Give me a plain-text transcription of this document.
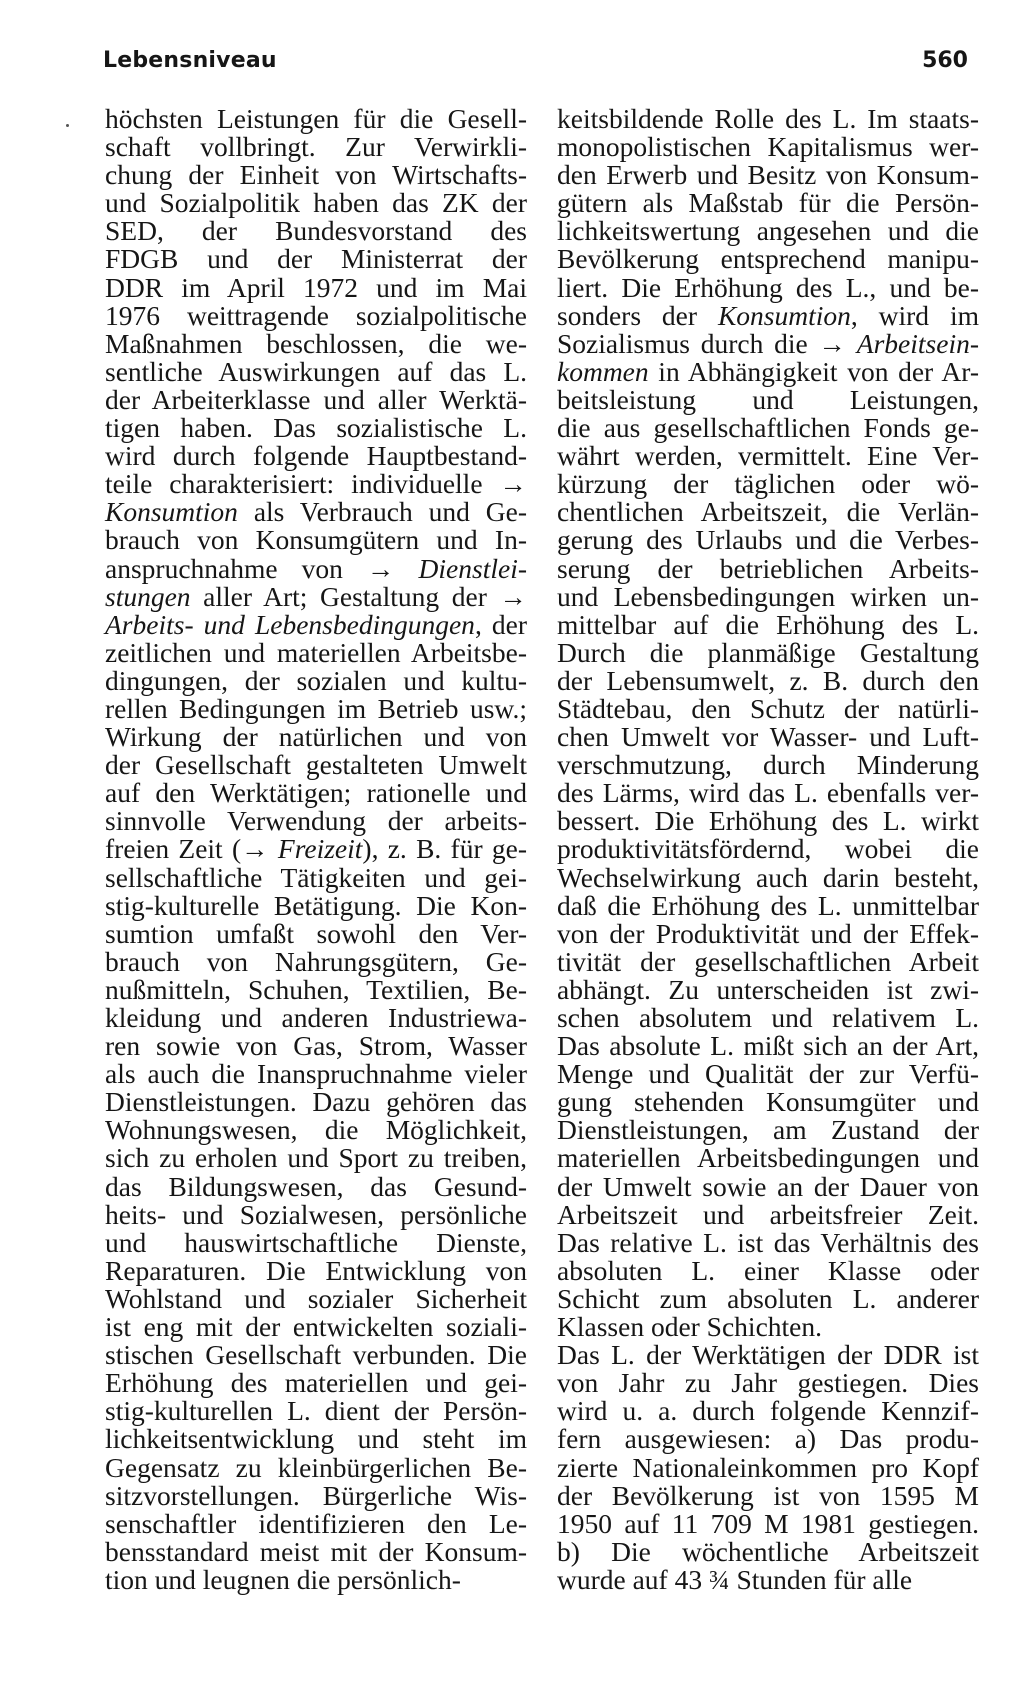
Lebensniveau	560
höchsten Leistungen für die Gesell-
schaft vollbringt. Zur Verwirkli-
chung der Einheit von Wirtschafts-
und Sozialpolitik haben das ZK der
SED, der Bundesvorstand des
FDGB und der Ministerrat der
DDR im April 1972 und im Mai
1976 weittragende sozialpolitische
Maßnahmen beschlossen, die we-
sentliche Auswirkungen auf das L.
der Arbeiterklasse und aller Werktä-
tigen haben. Das sozialistische L.
wird durch folgende Hauptbestand-
teile charakterisiert: individuelle →
Konsumtion als Verbrauch und Ge-
brauch von Konsumgütern und In-
anspruchnahme von → Dienstlei-
stungen aller Art; Gestaltung der →
Arbeits- und Lebensbedingungen, der
zeitlichen und materiellen Arbeitsbe-
dingungen, der sozialen und kultu-
rellen Bedingungen im Betrieb usw.;
Wirkung der natürlichen und von
der Gesellschaft gestalteten Umwelt
auf den Werktätigen; rationelle und
sinnvolle Verwendung der arbeits-
freien Zeit (→ Freizeit), z. B. für ge-
sellschaftliche Tätigkeiten und gei-
stig-kulturelle Betätigung. Die Kon-
sumtion umfaßt sowohl den Ver-
brauch von Nahrungsgütern, Ge-
nußmitteln, Schuhen, Textilien, Be-
kleidung und anderen Industriewa-
ren sowie von Gas, Strom, Wasser
als auch die Inanspruchnahme vieler
Dienstleistungen. Dazu gehören das
Wohnungswesen, die Möglichkeit,
sich zu erholen und Sport zu treiben,
das Bildungswesen, das Gesund-
heits- und Sozialwesen, persönliche
und hauswirtschaftliche Dienste,
Reparaturen. Die Entwicklung von
Wohlstand und sozialer Sicherheit
ist eng mit der entwickelten soziali-
stischen Gesellschaft verbunden. Die
Erhöhung des materiellen und gei-
stig-kulturellen L. dient der Persön-
lichkeitsentwicklung und steht im
Gegensatz zu kleinbürgerlichen Be-
sitzvorstellungen. Bürgerliche Wis-
senschaftler identifizieren den Le-
bensstandard meist mit der Konsum-
tion und leugnen die persönlich-
keitsbildende Rolle des L. Im staats-
monopolistischen Kapitalismus wer-
den Erwerb und Besitz von Konsum-
gütern als Maßstab für die Persön-
lichkeitswertung angesehen und die
Bevölkerung entsprechend manipu-
liert. Die Erhöhung des L., und be-
sonders der Konsumtion, wird im
Sozialismus durch die → Arbeitsein-
kommen in Abhängigkeit von der Ar-
beitsleistung und Leistungen,
die aus gesellschaftlichen Fonds ge-
währt werden, vermittelt. Eine Ver-
kürzung der täglichen oder wö-
chentlichen Arbeitszeit, die Verlän-
gerung des Urlaubs und die Verbes-
serung der betrieblichen Arbeits-
und Lebensbedingungen wirken un-
mittelbar auf die Erhöhung des L.
Durch die planmäßige Gestaltung
der Lebensumwelt, z. B. durch den
Städtebau, den Schutz der natürli-
chen Umwelt vor Wasser- und Luft-
verschmutzung, durch Minderung
des Lärms, wird das L. ebenfalls ver-
bessert. Die Erhöhung des L. wirkt
produktivitätsfördernd, wobei die
Wechselwirkung auch darin besteht,
daß die Erhöhung des L. unmittelbar
von der Produktivität und der Effek-
tivität der gesellschaftlichen Arbeit
abhängt. Zu unterscheiden ist zwi-
schen absolutem und relativem L.
Das absolute L. mißt sich an der Art,
Menge und Qualität der zur Verfü-
gung stehenden Konsumgüter und
Dienstleistungen, am Zustand der
materiellen Arbeitsbedingungen und
der Umwelt sowie an der Dauer von
Arbeitszeit und arbeitsfreier Zeit.
Das relative L. ist das Verhältnis des
absoluten L. einer Klasse oder
Schicht zum absoluten L. anderer
Klassen oder Schichten.
Das L. der Werktätigen der DDR ist
von Jahr zu Jahr gestiegen. Dies
wird u. a. durch folgende Kennzif-
fern ausgewiesen: a) Das produ-
zierte Nationaleinkommen pro Kopf
der Bevölkerung ist von 1595 M
1950 auf 11 709 M 1981 gestiegen.
b) Die wöchentliche Arbeitszeit
wurde auf 43 ¾ Stunden für alle
